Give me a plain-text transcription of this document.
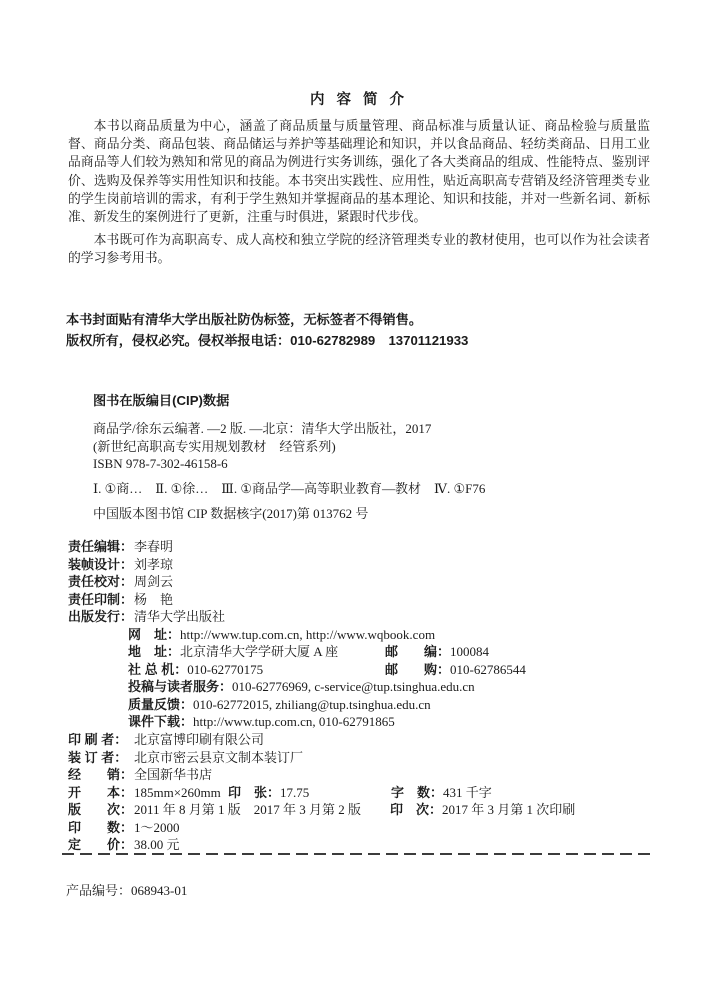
内 容 简 介

本书以商品质量为中心，涵盖了商品质量与质量管理、商品标准与质量认证、商品检验与质量监督、商品分类、商品包装、商品储运与养护等基础理论和知识，并以食品商品、轻纺类商品、日用工业品商品等人们较为熟知和常见的商品为例进行实务训练，强化了各大类商品的组成、性能特点、鉴别评价、选购及保养等实用性知识和技能。本书突出实践性、应用性，贴近高职高专营销及经济管理类专业的学生岗前培训的需求，有利于学生熟知并掌握商品的基本理论、知识和技能，并对一些新名词、新标准、新发生的案例进行了更新，注重与时俱进，紧跟时代步伐。

本书既可作为高职高专、成人高校和独立学院的经济管理类专业的教材使用，也可以作为社会读者的学习参考用书。

本书封面贴有清华大学出版社防伪标签，无标签者不得销售。
版权所有，侵权必究。侵权举报电话：010-62782989　13701121933

图书在版编目(CIP)数据

商品学/徐东云编著. —2 版. —北京：清华大学出版社，2017
(新世纪高职高专实用规划教材　经管系列)
ISBN 978-7-302-46158-6
Ⅰ. ①商…　Ⅱ. ①徐…　Ⅲ. ①商品学—高等职业教育—教材　Ⅳ. ①F76
中国版本图书馆 CIP 数据核字(2017)第 013762 号
责任编辑：李春明
装帧设计：刘孝琼
责任校对：周剑云
责任印制：杨　艳
出版发行：清华大学出版社
网　址：http://www.tup.com.cn, http://www.wqbook.com
地　址：北京清华大学学研大厦 A 座	邮　　编：100084
社 总 机：010-62770175	邮　　购：010-62786544
投稿与读者服务：010-62776969, c-service@tup.tsinghua.edu.cn
质量反馈：010-62772015, zhiliang@tup.tsinghua.edu.cn
课件下载：http://www.tup.com.cn, 010-62791865
印 刷 者： 北京富博印刷有限公司
装 订 者： 北京市密云县京文制本装订厂
经　　销：全国新华书店
开　　本：185mm×260mm 印　张：17.75	字　数：431 千字
版　　次：2011 年 8 月第 1 版　2017 年 3 月第 2 版 印　次：2017 年 3 月第 1 次印刷
印　　数：1～2000
定　　价：38.00 元
产品编号：068943-01
